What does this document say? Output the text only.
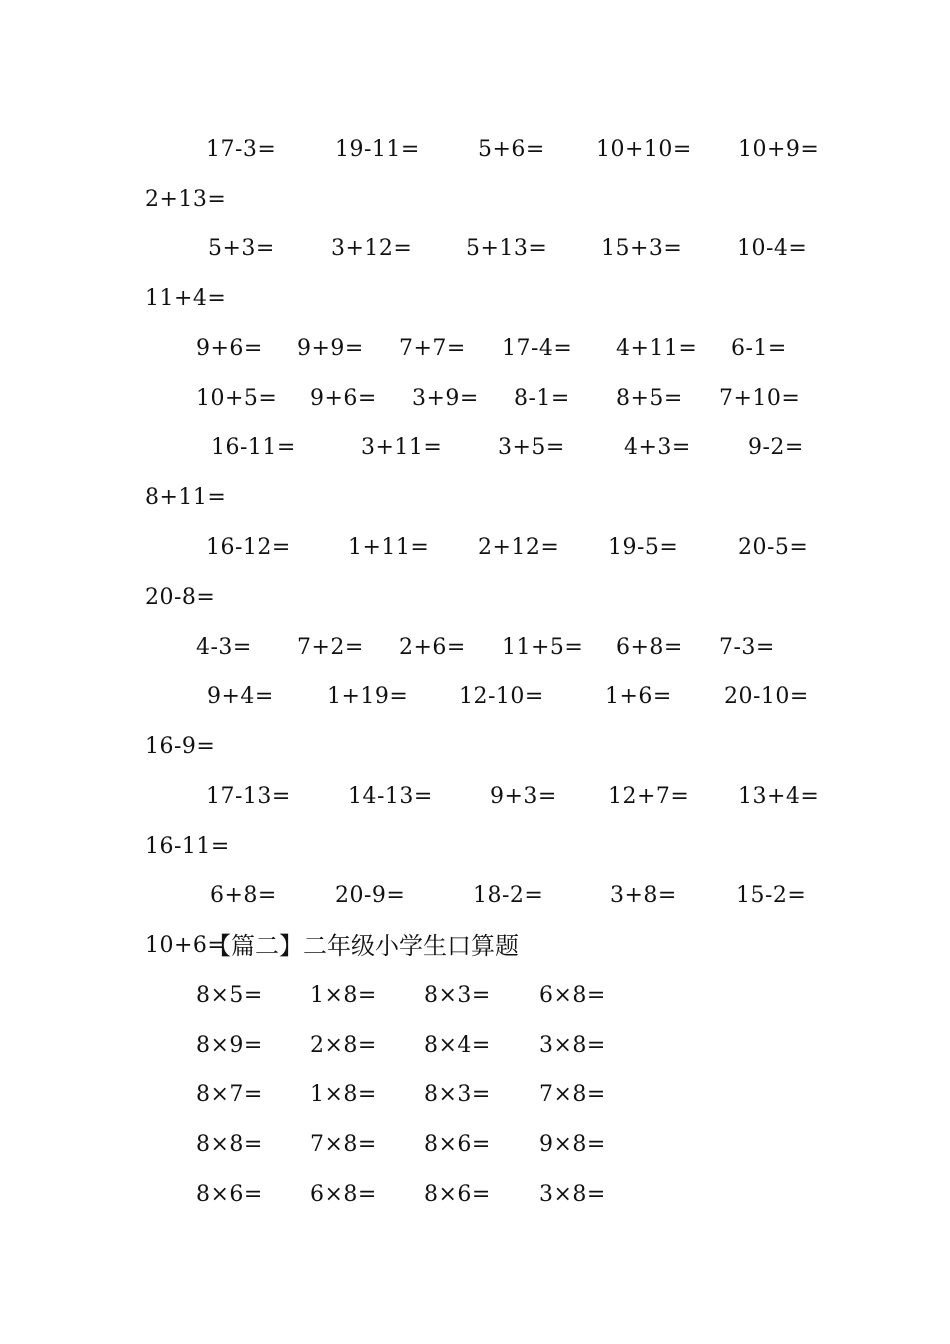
17-3=	19-11=	5+6= 10+10= 10+9=
2+13=
5+3=	3+12= 5+13= 15+3= 10-4=
11+4=
9+6= 9+9= 7+7= 17-4= 4+11= 6-1=
10+5= 9+6= 3+9= 8-1= 8+5= 7+10=
16-11=	3+11=	3+5=	4+3=	9-2=
8+11=
16-12=	1+11= 2+12= 19-5=	20-5=
20-8=
4-3= 7+2= 2+6= 11+5= 6+8= 7-3=
9+4= 1+19= 12-10=	1+6= 20-10=
16-9=
17-13=	14-13=	9+3= 12+7= 13+4=
16-11=
6+8=	20-9=	18-2=	3+8=	15-2=
10+6=
【篇二】二年级小学生口算题
8×5= 1×8= 8×3= 6×8=
8×9= 2×8= 8×4= 3×8=
8×7= 1×8= 8×3= 7×8=
8×8= 7×8= 8×6= 9×8=
8×6= 6×8= 8×6= 3×8=
